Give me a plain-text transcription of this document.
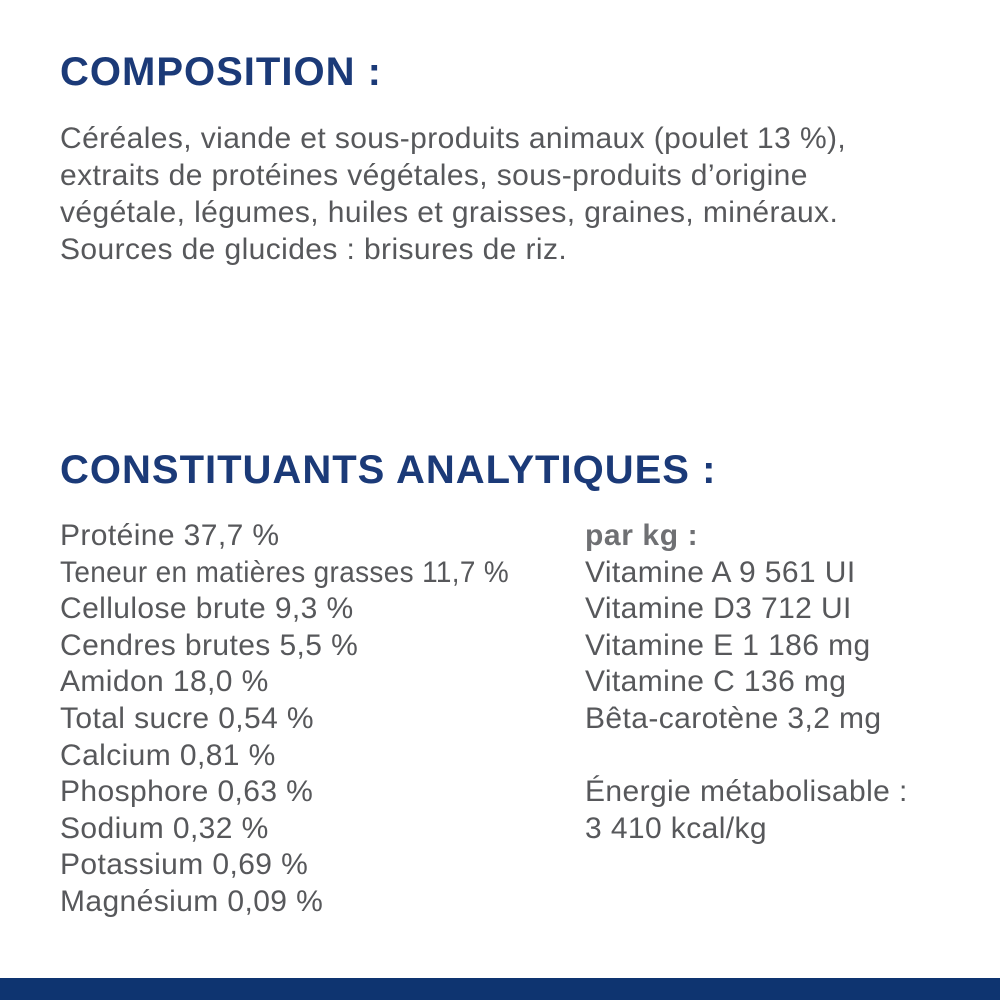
COMPOSITION :
Céréales, viande et sous-produits animaux (poulet 13 %),
extraits de protéines végétales, sous-produits d’origine
végétale, légumes, huiles et graisses, graines, minéraux.
Sources de glucides : brisures de riz.
CONSTITUANTS ANALYTIQUES :
Protéine 37,7 %
Teneur en matières grasses 11,7 %
Cellulose brute 9,3 %
Cendres brutes 5,5 %
Amidon 18,0 %
Total sucre 0,54 %
Calcium 0,81 %
Phosphore 0,63 %
Sodium 0,32 %
Potassium 0,69 %
Magnésium 0,09 %
par kg :
Vitamine A 9 561 UI
Vitamine D3 712 UI
Vitamine E 1 186 mg
Vitamine C 136 mg
Bêta-carotène 3,2 mg
Énergie métabolisable :
3 410 kcal/kg
